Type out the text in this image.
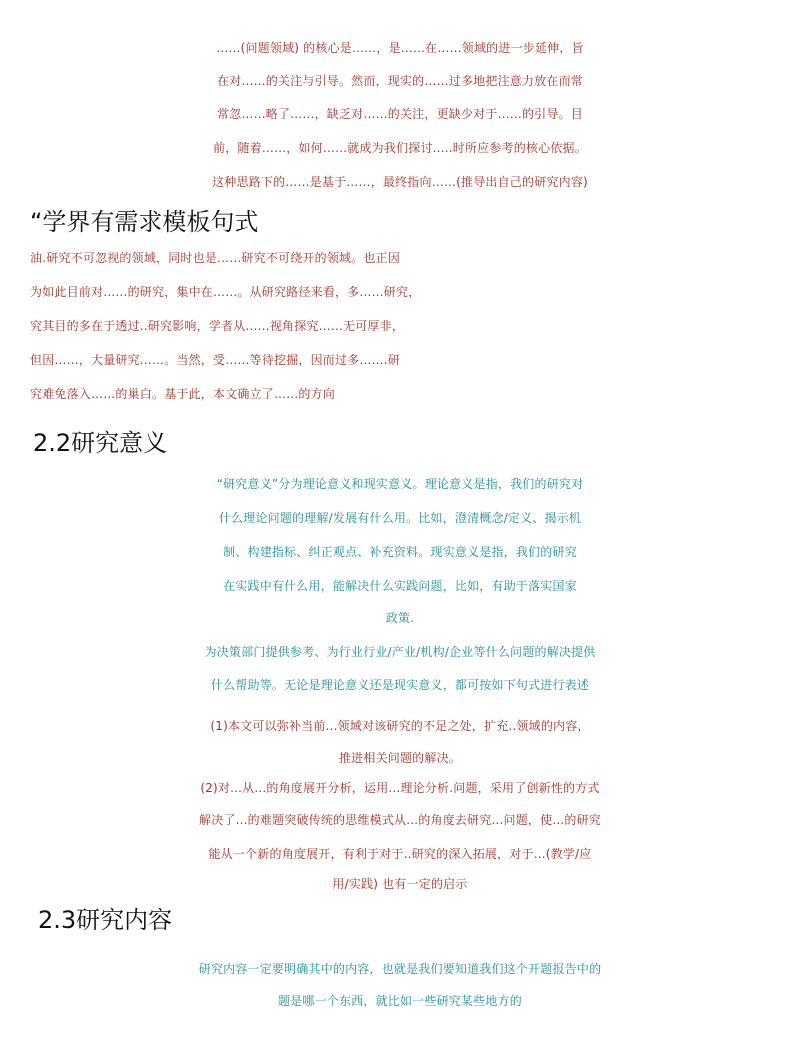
……(问题领域) 的核心是……，是……在……领域的进一步延伸，旨

在对……的关注与引导。然而，现实的……过多地把注意力放在而常

常忽……略了……，缺乏对……的关注，更缺少对于……的引导。目

前，随着……，如何……就成为我们探讨.....时所应参考的核心依据。

这种思路下的……是基于……，最终指向……(推导出自己的研究内容)

“学界有需求模板句式

油.研究不可忽视的领域，同时也是……研究不可绕开的领域。也正因

为如此目前对……的研究，集中在……。从研究路径来看，多……研究，

究其目的多在于透过..研究影响，学者从……视角探究……无可厚非，

但因……，大量研究……。当然，受……等待挖掘，因而过多…….研

究难免落入……的巢白。基于此，本文确立了……的方向

2.2研究意义

“研究意义”分为理论意义和现实意义。理论意义是指，我们的研究对

什么理论问题的理解/发展有什么用。比如，澄清概念/定义、揭示机

制、构建指标、纠正观点、补充资料。现实意义是指，我们的研究

在实践中有什么用，能解决什么实践问题，比如，有助于落实国家

政策.

为决策部门提供参考、为行业行业/产业/机构/企业等什么问题的解决提供

什么帮助等。无论是理论意义还是现实意义，都可按如下句式进行表述

(1)本文可以弥补当前...领域对该研究的不足之处，扩充..领域的内容，

推进相关问题的解决。

(2)对...从...的角度展开分析，运用...理论分析.问题，采用了创新性的方式

解决了...的难题突破传统的思维模式从...的角度去研究...问题，使...的研究

能从一个新的角度展开，有利于对于..研究的深入拓展，对于...(教学/应

用/实践) 也有一定的启示

2.3研究内容

研究内容一定要明确其中的内容，也就是我们要知道我们这个开题报告中的

题是哪一个东西，就比如一些研究某些地方的
